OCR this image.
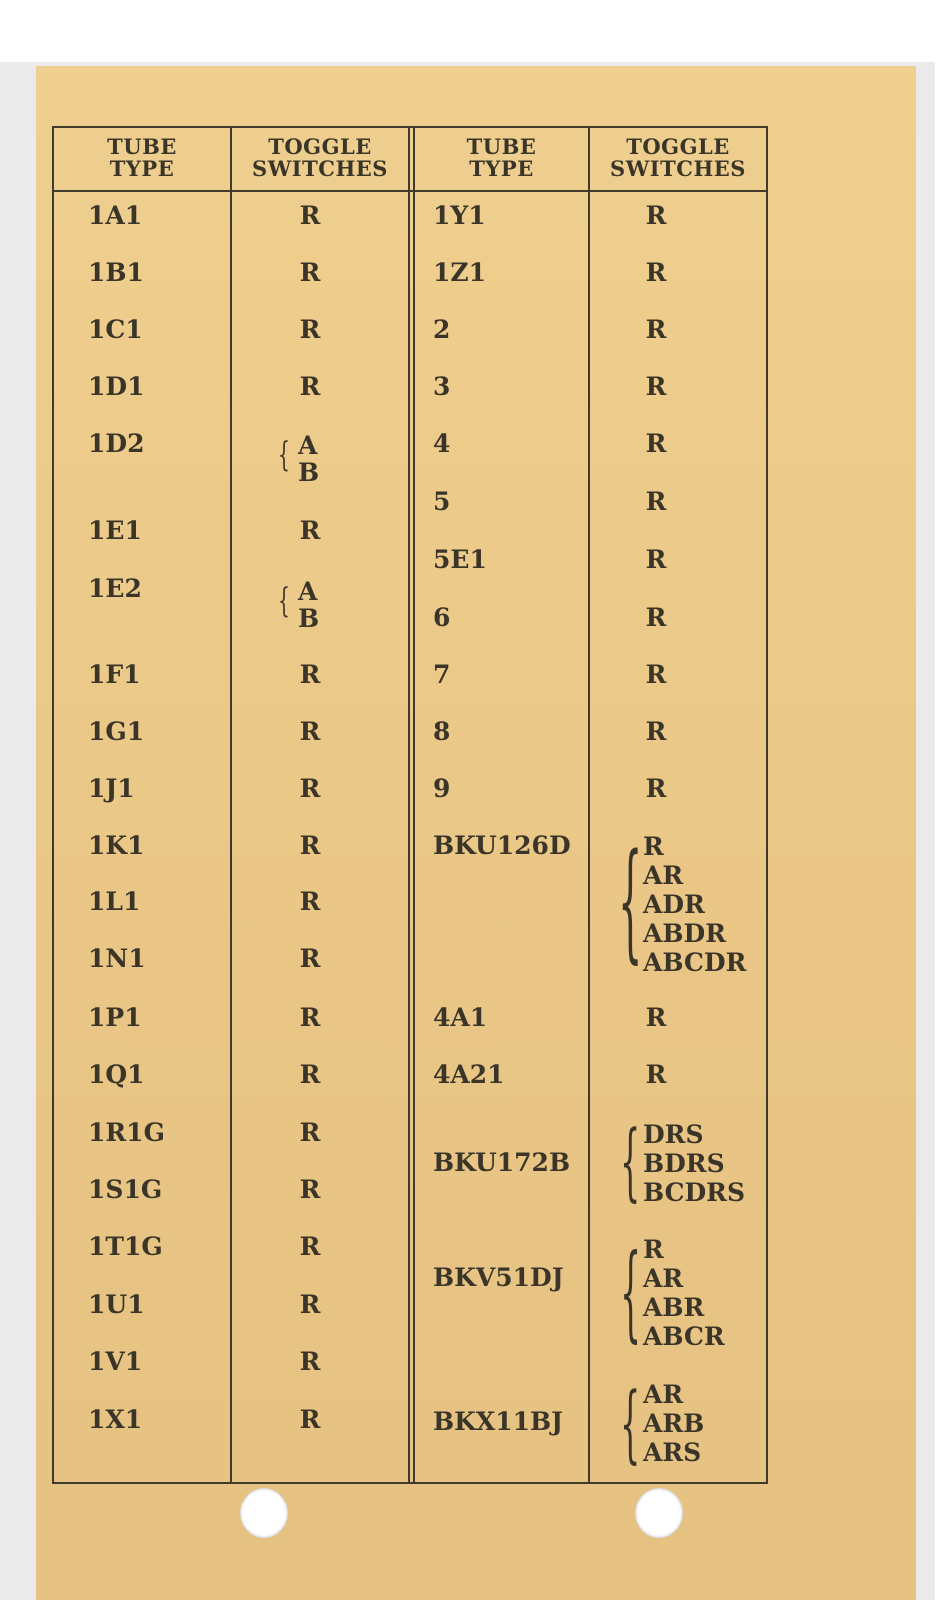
TUBE
TYPE
TOGGLE
SWITCHES
TUBE
TYPE
TOGGLE
SWITCHES
1A1
1B1
1C1
1D1
1D2
1E1
1E2
1F1
1G1
1J1
1K1
1L1
1N1
1P1
1Q1
1R1G
1S1G
1T1G
1U1
1V1
1X1
R
R
R
R
{ A
B
R
{ A
B
R
R
R
R
R
R
R
R
R
R
R
R
R
R
1Y1
1Z1
2
3
4
5
5E1
6
7
8
9
R
R
R
R
R
R
R
R
R
R
R
BKU126D { R
AR
ADR
ABDR
ABCDR
4A1	R
4A21	R
BKU172B { DRS
BDRS
BCDRS
BKV51DJ { R
AR
ABR
ABCR
BKX11BJ { AR
ARB
ARS
